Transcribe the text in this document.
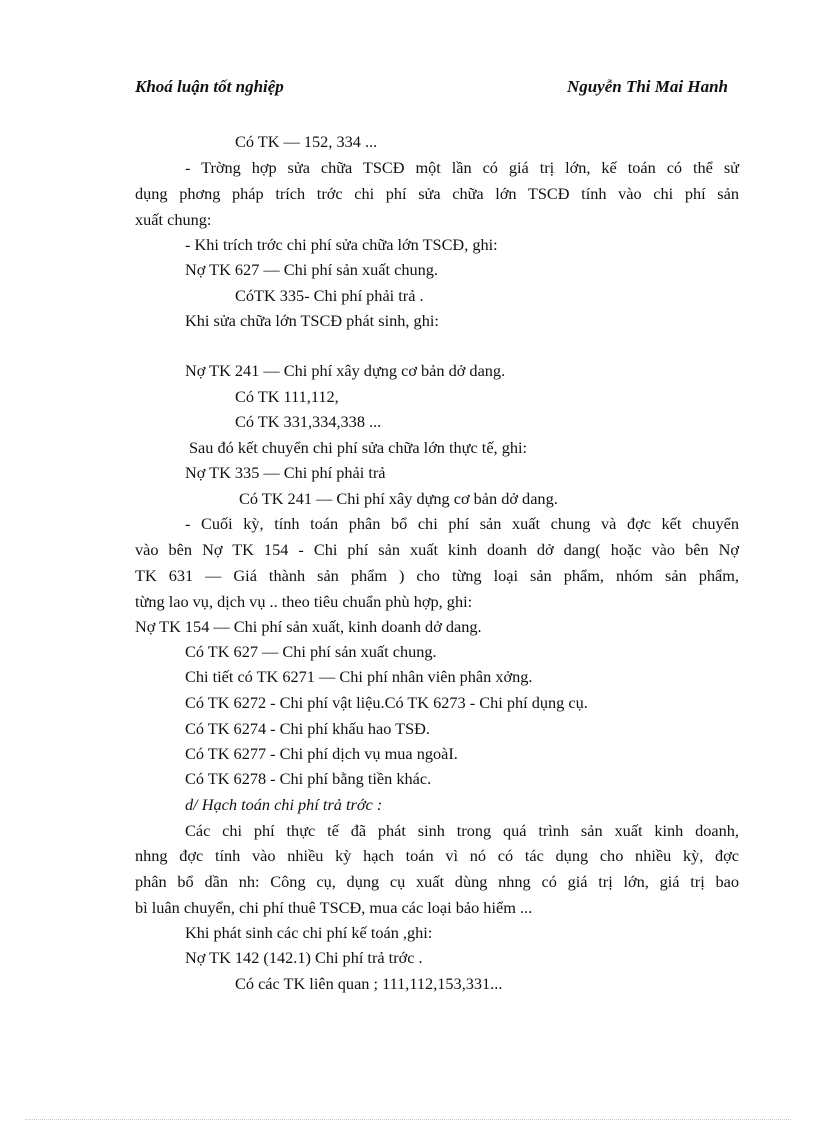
Khoá luận tốt nghiệp	Nguyễn Thi Mai Hanh
Có TK — 152, 334 ...
- Trờng hợp sửa chữa TSCĐ một lần có giá trị lớn, kế toán có thể sử
dụng phơng pháp trích trớc chi phí sửa chữa lớn TSCĐ tính vào chi phí sản
xuất chung:
- Khi trích trớc chi phí sửa chữa lớn TSCĐ, ghi:
Nợ TK 627 — Chi phí sản xuất chung.
CóTK 335- Chi phí phải trả .
Khi sửa chữa lớn TSCĐ phát sinh, ghi:
Nợ TK 241 — Chi phí xây dựng cơ bản dở dang.
Có TK 111,112,
Có TK 331,334,338 ...
Sau đó kết chuyển chi phí sửa chữa lớn thực tế, ghi:
Nợ TK 335 — Chi phí phải trả
Có TK 241 — Chi phí xây dựng cơ bản dở dang.
- Cuối kỳ, tính toán phân bổ chi phí sản xuất chung và đợc kết chuyển
vào bên Nợ TK 154 - Chi phí sản xuất kinh doanh dở dang( hoặc vào bên Nợ
TK 631 — Giá thành sản phẩm ) cho từng loại sản phẩm, nhóm sản phẩm,
từng lao vụ, dịch vụ .. theo tiêu chuẩn phù hợp, ghi:
Nợ TK 154 — Chi phí sản xuất, kinh doanh dở dang.
Có TK 627 — Chi phí sản xuất chung.
Chi tiết có TK 6271 — Chi phí nhân viên phân xởng.
Có TK 6272 - Chi phí vật liệu.Có TK 6273 - Chi phí dụng cụ.
Có TK 6274 - Chi phí khấu hao TSĐ.
Có TK 6277 - Chi phí dịch vụ mua ngoàI.
Có TK 6278 - Chi phí bằng tiền khác.
d/ Hạch toán chi phí trả trớc :
Các chi phí thực tế đã phát sinh trong quá trình sản xuất kinh doanh,
nhng đợc tính vào nhiều kỳ hạch toán vì nó có tác dụng cho nhiều kỳ, đợc
phân bổ dần nh: Công cụ, dụng cụ xuất dùng nhng có giá trị lớn, giá trị bao
bì luân chuyển, chi phí thuê TSCĐ, mua các loại bảo hiểm ...
Khi phát sinh các chi phí kế toán ,ghi:
Nợ TK 142 (142.1) Chi phí trả trớc .
Có các TK liên quan ; 111,112,153,331...
